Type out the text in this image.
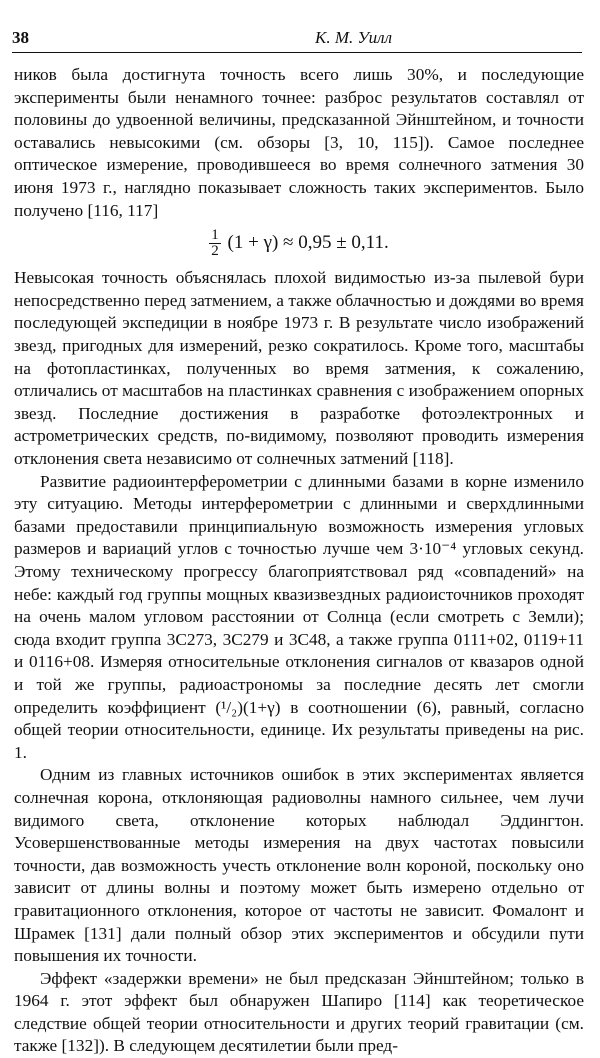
38	К. М. Уилл

ников была достигнута точность всего лишь 30%, и последующие эксперименты были ненамного точнее: разброс результатов составлял от половины до удвоенной величины, предсказанной Эйнштейном, и точности оставались невысокими (см. обзоры [3, 10, 115]). Самое последнее оптическое измерение, проводившееся во время солнечного затмения 30 июня 1973 г., наглядно показывает сложность таких экспериментов. Было получено [116, 117]

$\frac{1}{2} (1 + \gamma) \approx 0,95 \pm 0,11$.

Невысокая точность объяснялась плохой видимостью из-за пылевой бури непосредственно перед затмением, а также облачностью и дождями во время последующей экспедиции в ноябре 1973 г. В результате число изображений звезд, пригодных для измерений, резко сократилось. Кроме того, масштабы на фотопластинках, полученных во время затмения, к сожалению, отличались от масштабов на пластинках сравнения с изображением опорных звезд. Последние достижения в разработке фотоэлектронных и астрометрических средств, по-видимому, позволяют проводить измерения отклонения света независимо от солнечных затмений [118].

Развитие радиоинтерферометрии с длинными базами в корне изменило эту ситуацию. Методы интерферометрии с длинными и сверхдлинными базами предоставили принципиальную возможность измерения угловых размеров и вариаций углов с точностью лучше чем 3·10⁻⁴ угловых секунд. Этому техническому прогрессу благоприятствовал ряд «совпадений» на небе: каждый год группы мощных квазизвездных радиоисточников проходят на очень малом угловом расстоянии от Солнца (если смотреть с Земли); сюда входит группа 3С273, 3С279 и 3С48, а также группа 0111+02, 0119+11 и 0116+08. Измеряя относительные отклонения сигналов от квазаров одной и той же группы, радиоастрономы за последние десять лет смогли определить коэффициент (¹/₂)(1+γ) в соотношении (6), равный, согласно общей теории относительности, единице. Их результаты приведены на рис. 1.

Одним из главных источников ошибок в этих экспериментах является солнечная корона, отклоняющая радиоволны намного сильнее, чем лучи видимого света, отклонение которых наблюдал Эддингтон. Усовершенствованные методы измерения на двух частотах повысили точности, дав возможность учесть отклонение волн короной, поскольку оно зависит от длины волны и поэтому может быть измерено отдельно от гравитационного отклонения, которое от частоты не зависит. Фомалонт и Шрамек [131] дали полный обзор этих экспериментов и обсудили пути повышения их точности.

Эффект «задержки времени» не был предсказан Эйнштейном; только в 1964 г. этот эффект был обнаружен Шапиро [114] как теоретическое следствие общей теории относительности и других теорий гравитации (см. также [132]). В следующем десятилетии были пред-
